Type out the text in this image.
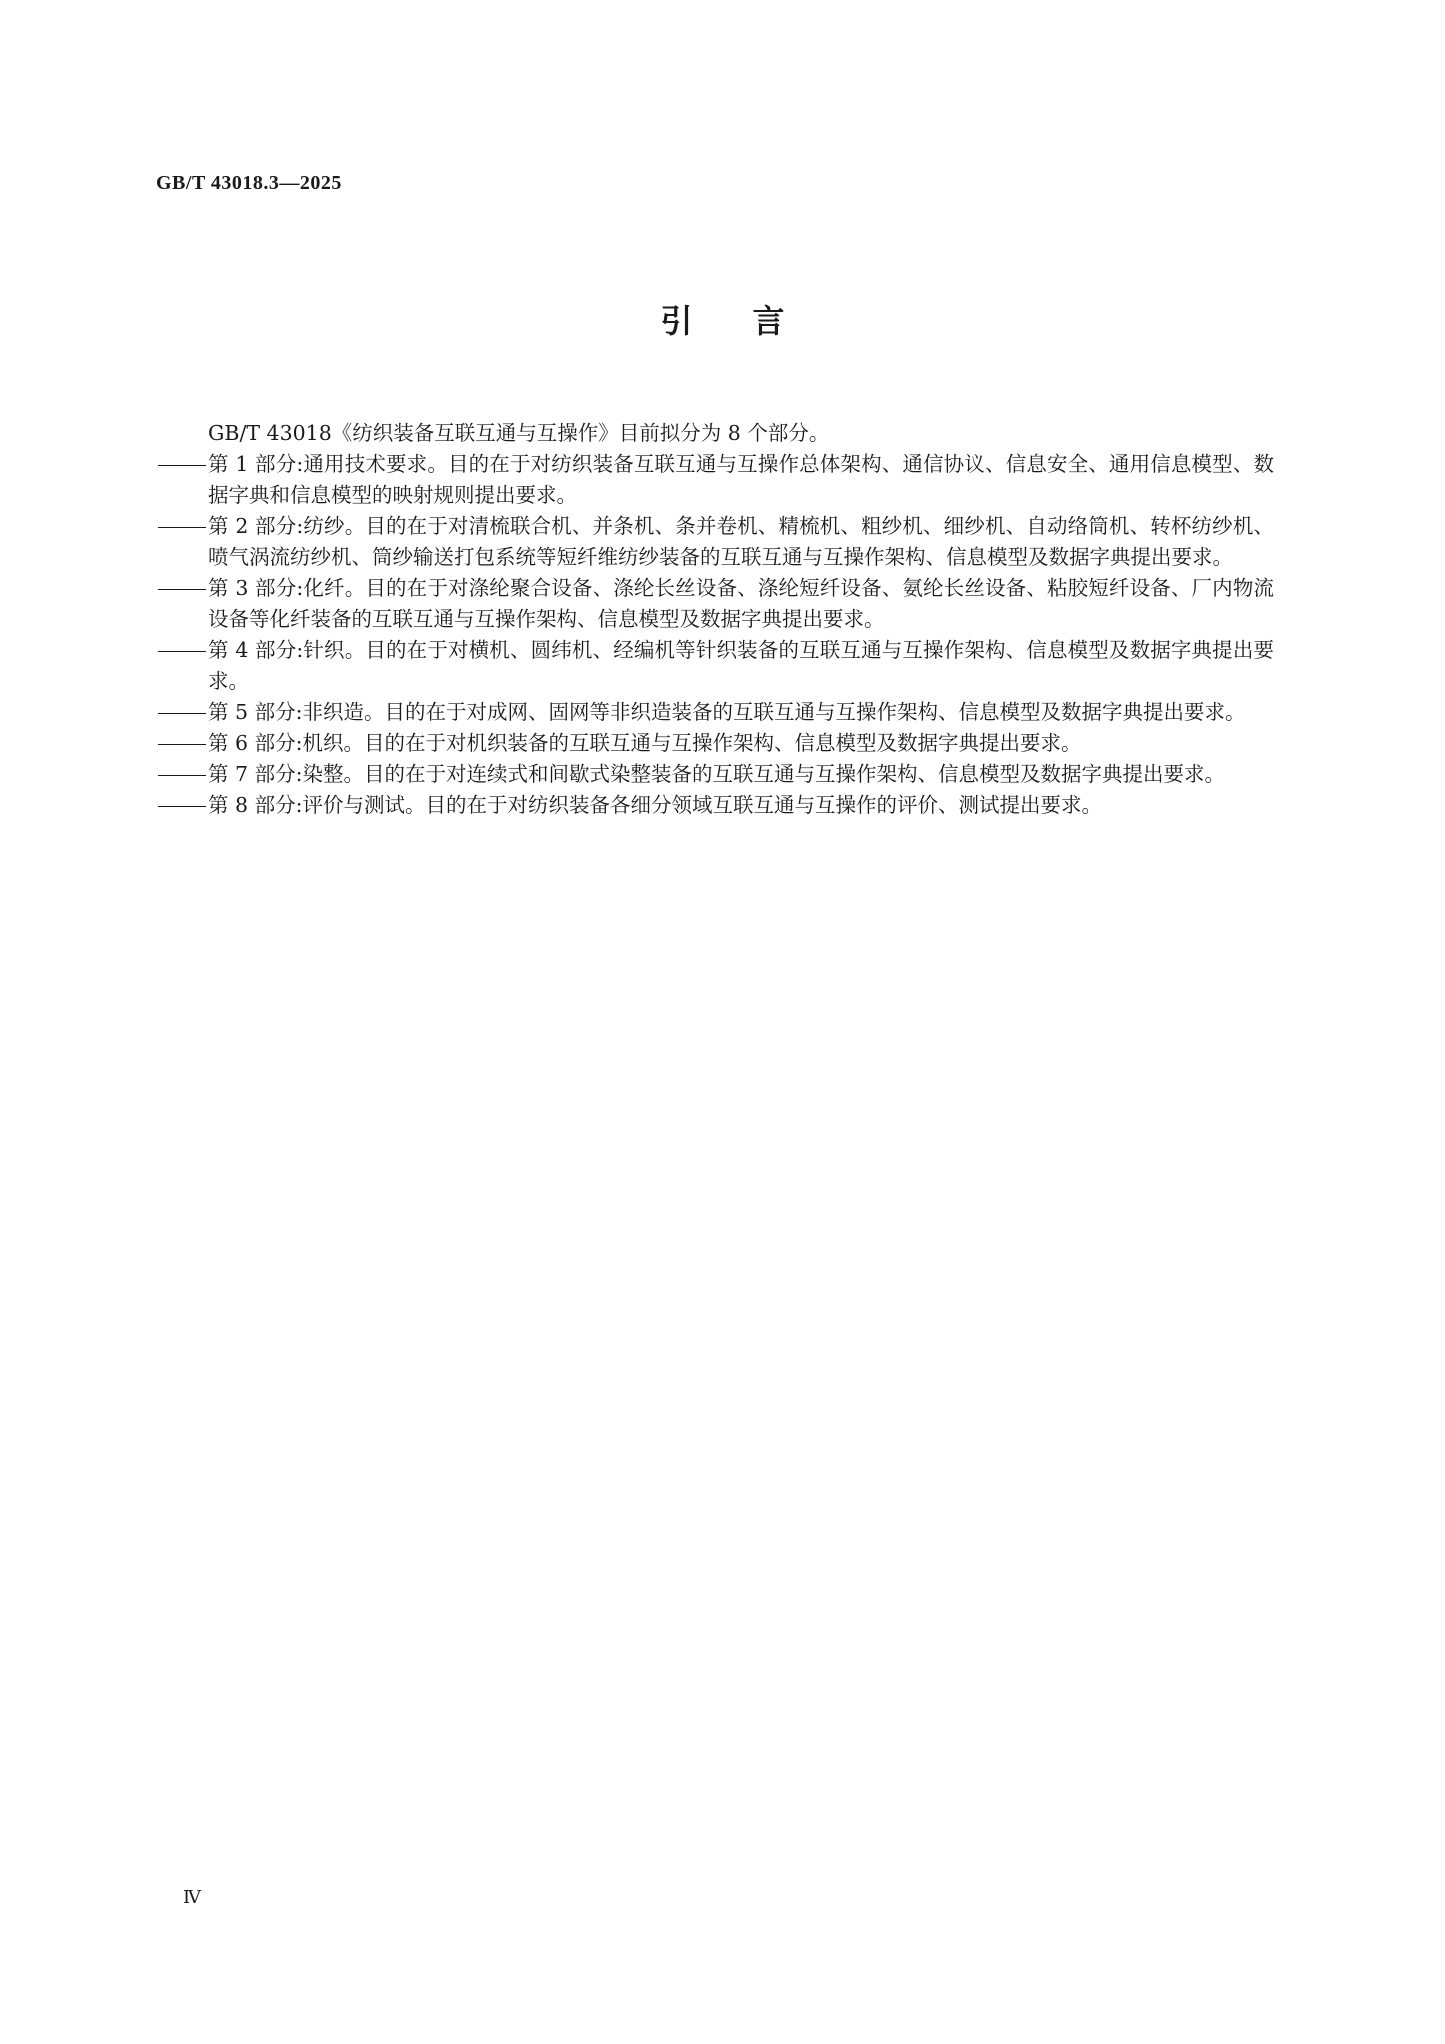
GB/T 43018.3—2025
引言

GB/T 43018《纺织装备互联互通与互操作》目前拟分为 8 个部分。

第 1 部分:通用技术要求。目的在于对纺织装备互联互通与互操作总体架构、通信协议、信息安全、通用信息模型、数据字典和信息模型的映射规则提出要求。
第 2 部分:纺纱。目的在于对清梳联合机、并条机、条并卷机、精梳机、粗纱机、细纱机、自动络筒机、转杯纺纱机、喷气涡流纺纱机、筒纱输送打包系统等短纤维纺纱装备的互联互通与互操作架构、信息模型及数据字典提出要求。
第 3 部分:化纤。目的在于对涤纶聚合设备、涤纶长丝设备、涤纶短纤设备、氨纶长丝设备、粘胶短纤设备、厂内物流设备等化纤装备的互联互通与互操作架构、信息模型及数据字典提出要求。
第 4 部分:针织。目的在于对横机、圆纬机、经编机等针织装备的互联互通与互操作架构、信息模型及数据字典提出要求。
第 5 部分:非织造。目的在于对成网、固网等非织造装备的互联互通与互操作架构、信息模型及数据字典提出要求。
第 6 部分:机织。目的在于对机织装备的互联互通与互操作架构、信息模型及数据字典提出要求。
第 7 部分:染整。目的在于对连续式和间歇式染整装备的互联互通与互操作架构、信息模型及数据字典提出要求。
第 8 部分:评价与测试。目的在于对纺织装备各细分领域互联互通与互操作的评价、测试提出要求。
Ⅳ
